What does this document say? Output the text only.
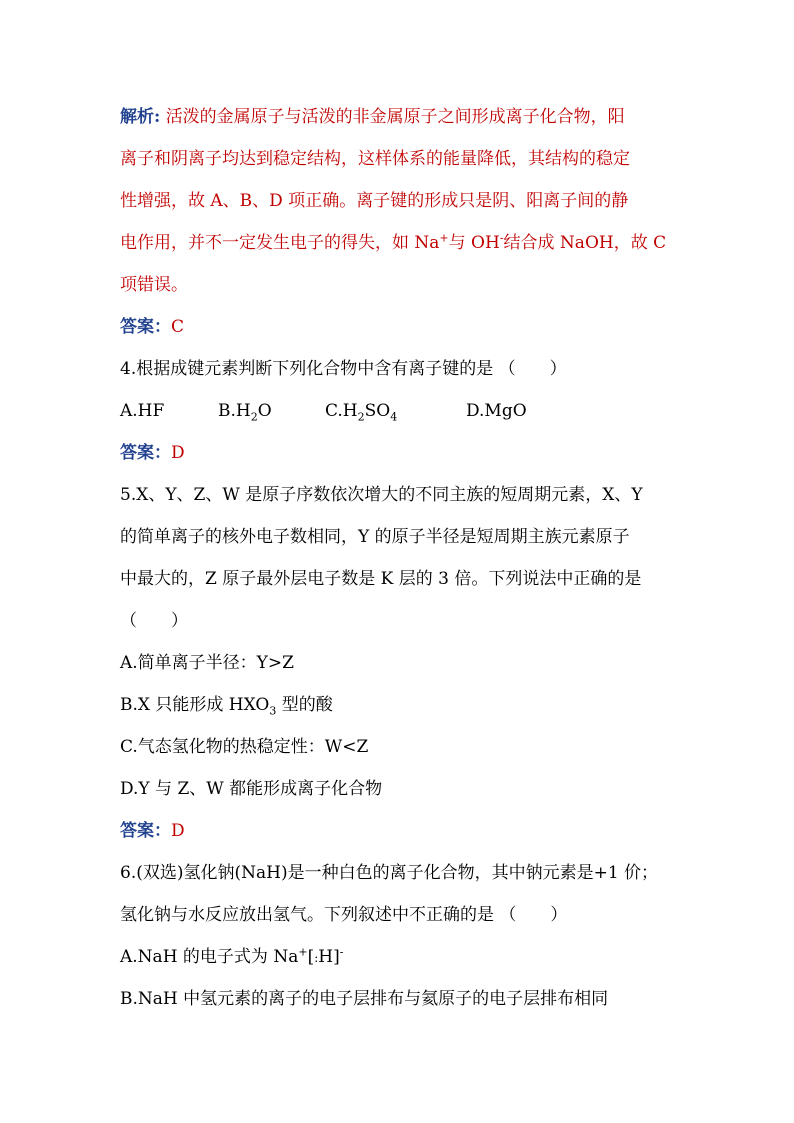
解析: 活泼的金属原子与活泼的非金属原子之间形成离子化合物，阳
离子和阴离子均达到稳定结构，这样体系的能量降低，其结构的稳定
性增强，故 A、B、D 项正确。离子键的形成只是阴、阳离子间的静
电作用，并不一定发生电子的得失，如 Na+与 OH-结合成 NaOH，故 C
项错误。
答案：C
4.根据成键元素判断下列化合物中含有离子键的是 （　　）
A.HF	$B.H_2O$	$C.H_2SO_4$	D.MgO
答案：D
5.X、Y、Z、W 是原子序数依次增大的不同主族的短周期元素，X、Y
的简单离子的核外电子数相同，Y 的原子半径是短周期主族元素原子
中最大的，Z 原子最外层电子数是 K 层的 3 倍。下列说法中正确的是
（　　）
A.简单离子半径：Y>Z
B.X 只能形成 $HXO_3$ 型的酸
C.气态氢化物的热稳定性：W<Z
D.Y 与 Z、W 都能形成离子化合物
答案：D
6.(双选)氢化钠(NaH)是一种白色的离子化合物，其中钠元素是+1 价；
氢化钠与水反应放出氢气。下列叙述中不正确的是 （　　）
A.NaH 的电子式为 Na+[:H]-
B.NaH 中氢元素的离子的电子层排布与氦原子的电子层排布相同
